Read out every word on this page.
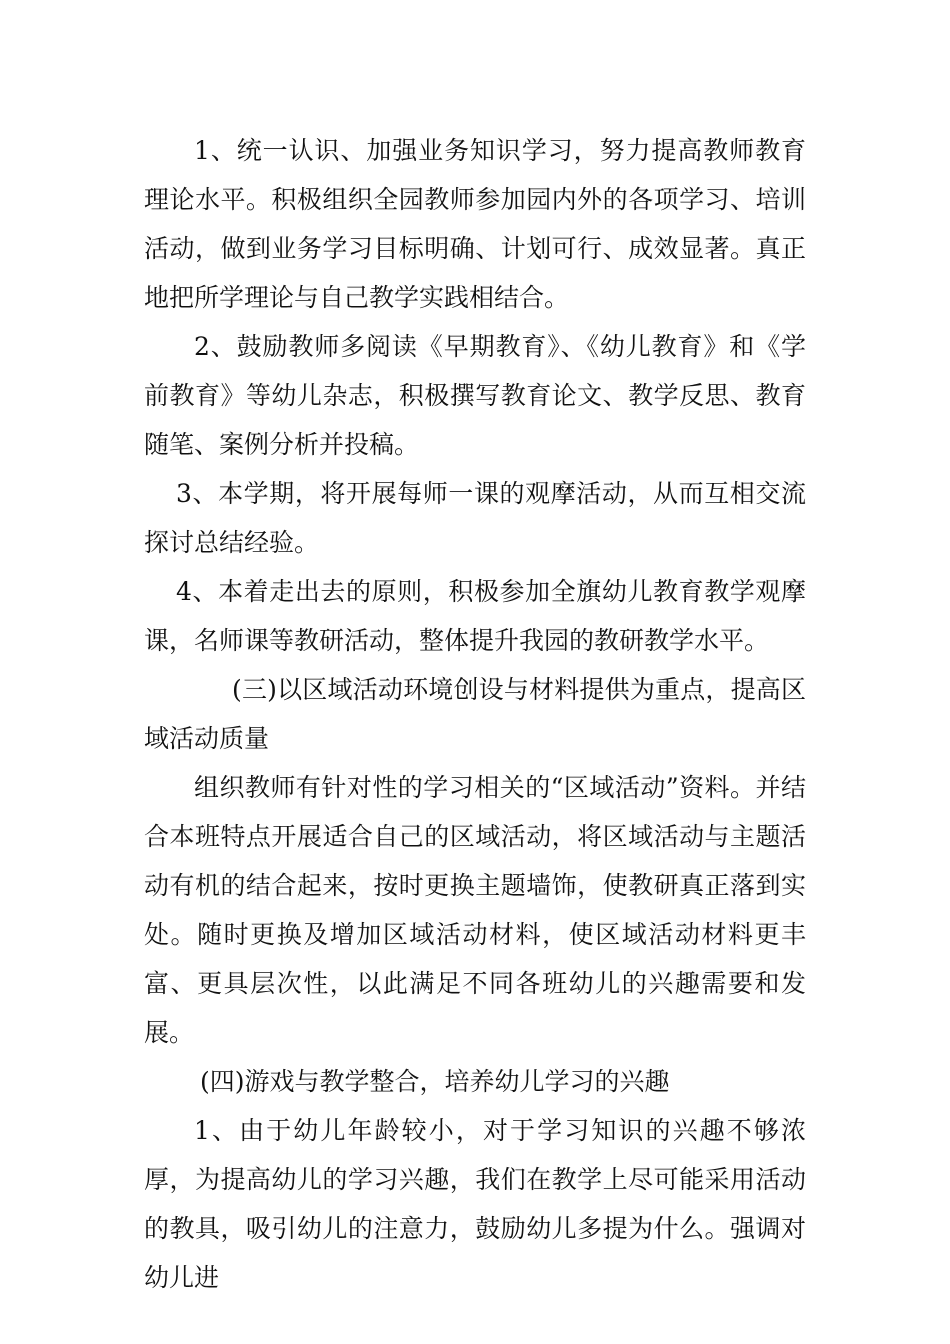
1、统一认识、加强业务知识学习，努力提高教师教育理论水平。积极组织全园教师参加园内外的各项学习、培训活动，做到业务学习目标明确、计划可行、成效显著。真正地把所学理论与自己教学实践相结合。

2、鼓励教师多阅读《早期教育》、《幼儿教育》和《学前教育》等幼儿杂志，积极撰写教育论文、教学反思、教育随笔、案例分析并投稿。

3、本学期，将开展每师一课的观摩活动，从而互相交流探讨总结经验。

4、本着走出去的原则，积极参加全旗幼儿教育教学观摩课，名师课等教研活动，整体提升我园的教研教学水平。

(三)以区域活动环境创设与材料提供为重点，提高区域活动质量

组织教师有针对性的学习相关的“区域活动”资料。并结合本班特点开展适合自己的区域活动，将区域活动与主题活动有机的结合起来，按时更换主题墙饰，使教研真正落到实处。随时更换及增加区域活动材料，使区域活动材料更丰富、更具层次性，以此满足不同各班幼儿的兴趣需要和发展。

(四)游戏与教学整合，培养幼儿学习的兴趣

1、由于幼儿年龄较小，对于学习知识的兴趣不够浓厚，为提高幼儿的学习兴趣，我们在教学上尽可能采用活动的教具，吸引幼儿的注意力，鼓励幼儿多提为什么。强调对幼儿进
